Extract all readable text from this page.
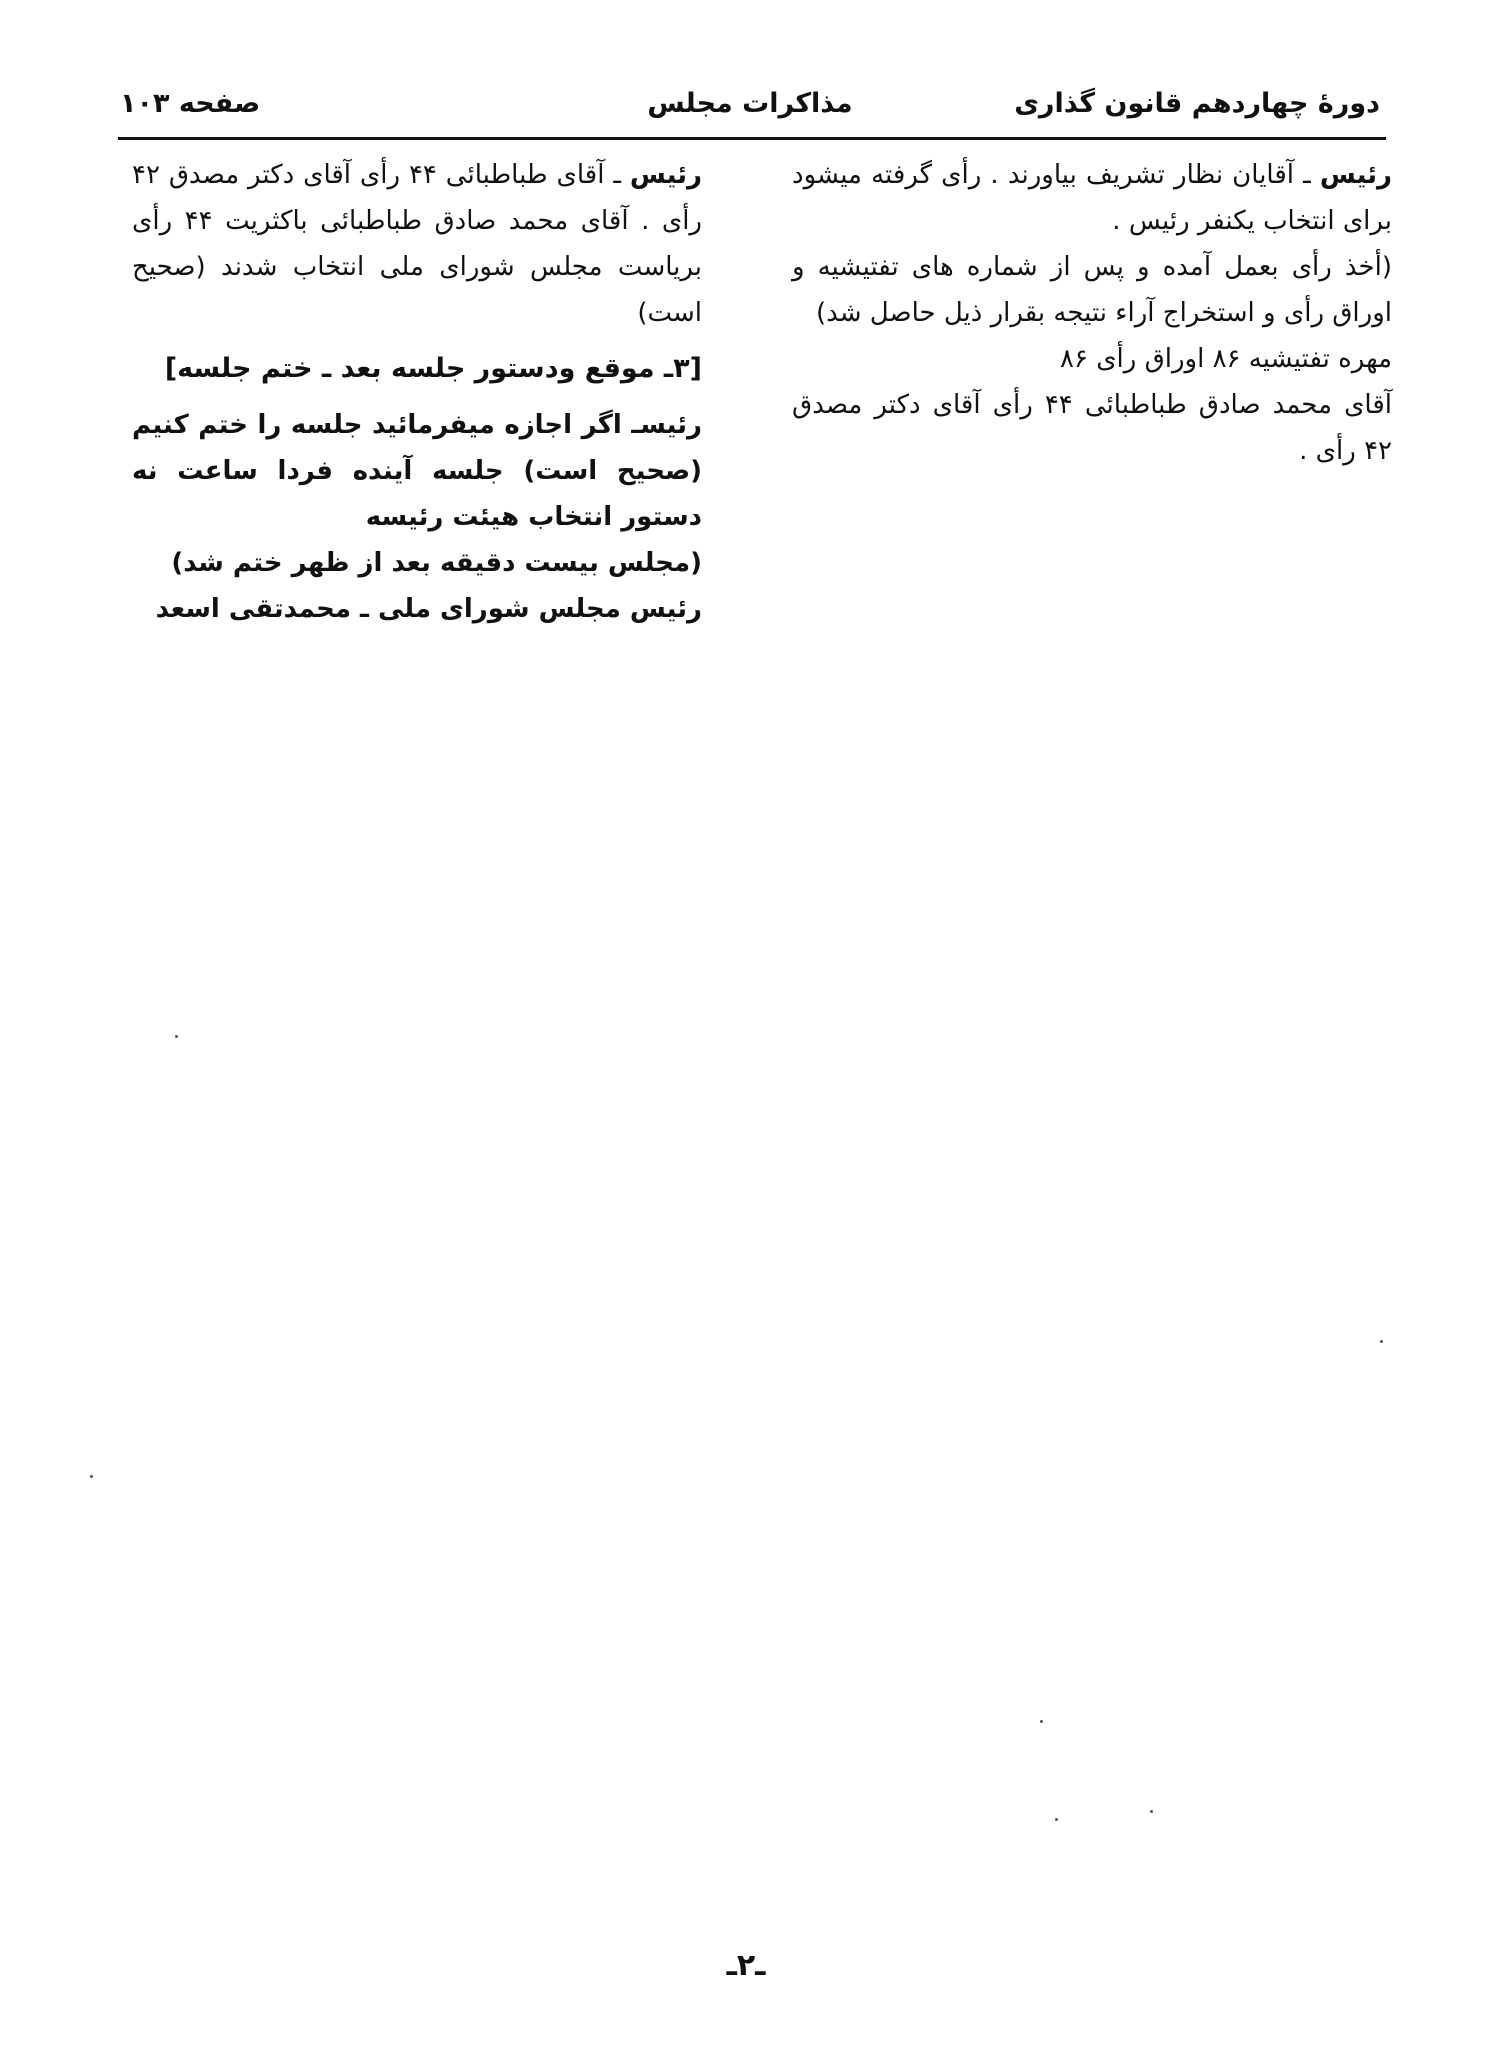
دورهٔ چهاردهم قانون گذاری
مذاکرات مجلس
صفحه ۱۰۳

رئیس ـ آقایان نظار تشریف بیاورند . رأی گرفته میشود برای انتخاب یکنفر رئیس .

(أخذ رأی بعمل آمده و پس از شماره های تفتیشیه و اوراق رأی و استخراج آراء نتیجه بقرار ذیل حاصل شد)

مهره تفتیشیه ۸۶ اوراق رأی ۸۶

آقای محمد صادق طباطبائی ۴۴ رأی آقای دکتر مصدق ۴۲ رأی .

رئیس ـ آقای طباطبائی ۴۴ رأی آقای دکتر مصدق ۴۲ رأی . آقای محمد صادق طباطبائی باکثریت ۴۴ رأی بریاست مجلس شورای ملی انتخاب شدند (صحیح است)

[۳ـ موقع ودستور جلسه بعد ـ ختم جلسه]

رئیسـ اگر اجازه میفرمائید جلسه را ختم کنیم (صحیح است) جلسه آینده فردا ساعت نه دستور انتخاب هیئت رئیسه

(مجلس بیست دقیقه بعد از ظهر ختم شد)

رئیس مجلس شورای ملی ـ محمدتقی اسعد

ـ۲ـ
